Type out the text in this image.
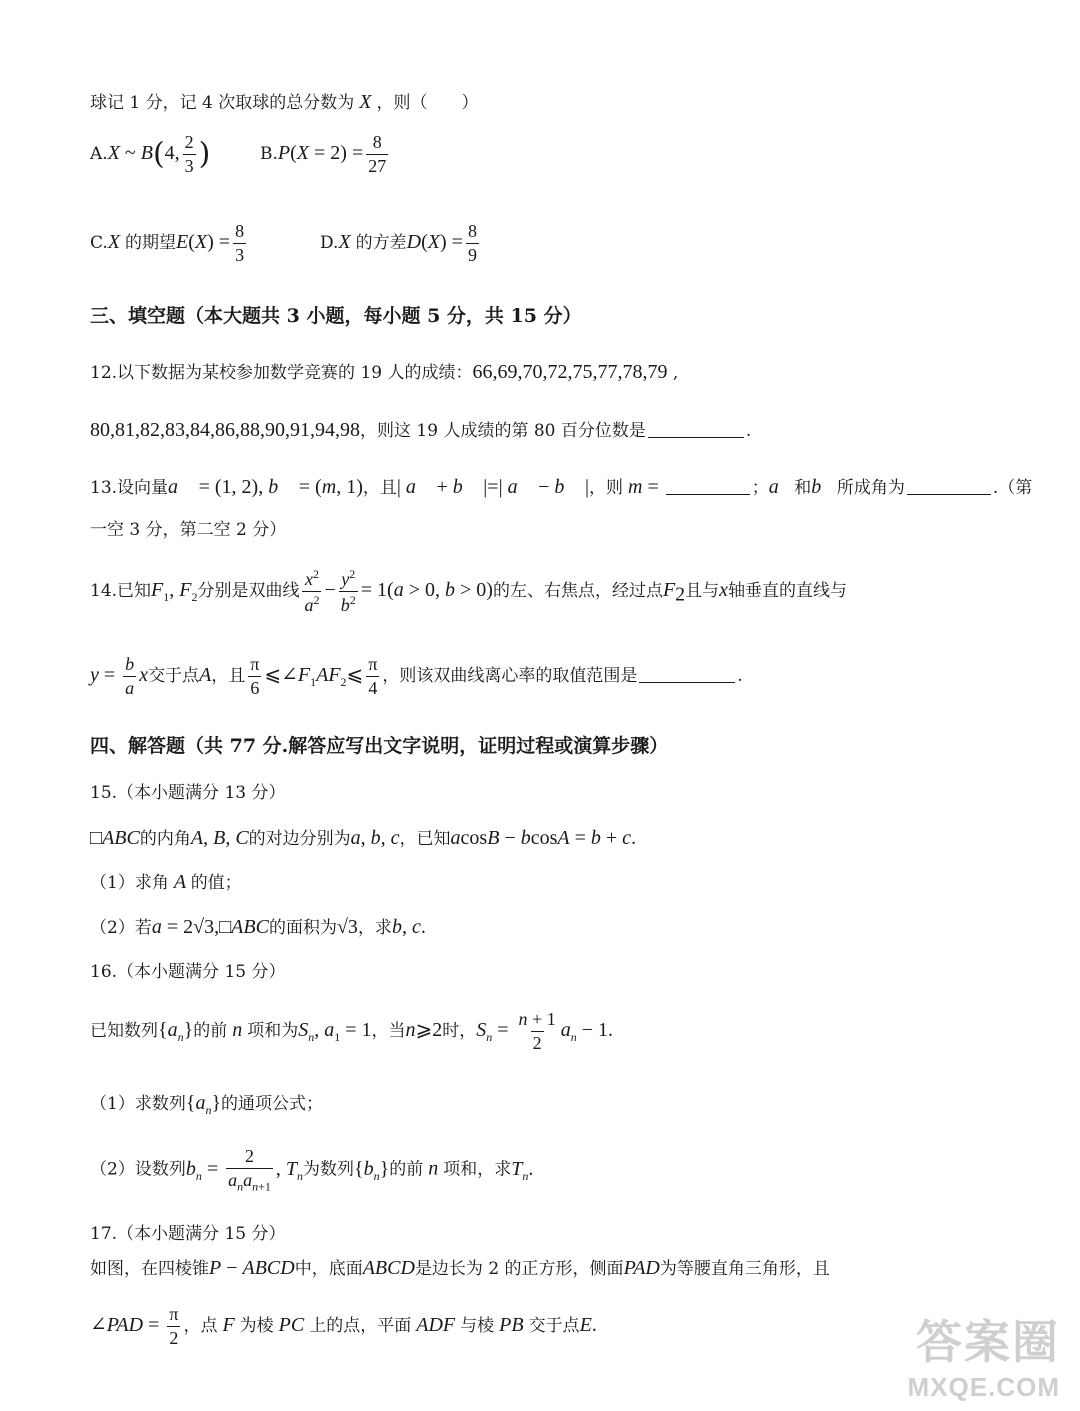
球记 1 分，记 4 次取球的总分数为 X ，则（　　）
A.X ~ B(4, $\frac{2}{3}$ )	$B.P(X = 2) = \frac{8}{27}$
C.X 的期望$E(X) = \frac{8}{3}$	D.X 的方差$D(X) = \frac{8}{9}$
三、填空题（本大题共 3 小题，每小题 5 分，共 15 分）
12.以下数据为某校参加数学竞赛的 19 人的成绩：66,69,70,72,75,77,78,79 ,
80,81,82,83,84,86,88,90,91,94,98，则这 19 人成绩的第 80 百分位数是	.
13.设向量a⃗ = (1, 2), b⃗ = (m, 1)，且| a⃗ + b⃗ |=| a⃗ − b⃗ |，则 m =	；a⃗和b⃗所成角为	.（第
一空 3 分，第二空 2 分）
14.已知$F_1$, $F_2$分别是双曲线 $\frac{x^2}{a^2} - \frac{y^2}{b^2} = 1(a > 0$, b > 0)的左、右焦点，经过点$F_2$且与x轴垂直的直线与
$y = \frac{b}{a}$ x交于点A，且 $\frac{\pi}{6}$ $⩽\angle F_1AF_2⩽ \frac{\pi}{4}$ ，则该双曲线离心率的取值范围是	.
四、解答题（共 77 分.解答应写出文字说明，证明过程或演算步骤）
15.（本小题满分 13 分）
□ABC的内角A, B, C的对边分别为a, b, c，已知acosB − bcosA = b + c.
（1）求角 A 的值；
（2）若a = 2√3,□ABC的面积为√3，求b, c.
16.（本小题满分 15 分）
已知数列$\{a_n\}$的前 n 项和为$S_n$, $a_1 = 1$，当n⩾2时，$S_n = \frac{n + 1}{2} a_n - 1$.
（1）求数列$\{a_n\}$的通项公式；
（2）设数列$b_n = \frac{2}{a_na_{n+1}}$ , $T_n$为数列$\{b_n\}$的前 n 项和，求$T_n$.
17.（本小题满分 15 分）
如图，在四棱锥P − ABCD中，底面ABCD是边长为 2 的正方形，侧面PAD为等腰直角三角形，且
∠PAD = $\frac{\pi}{2}$ ，点 F 为棱 PC 上的点，平面 ADF 与棱 PB 交于点E.	答案圈
MXQE.COM
